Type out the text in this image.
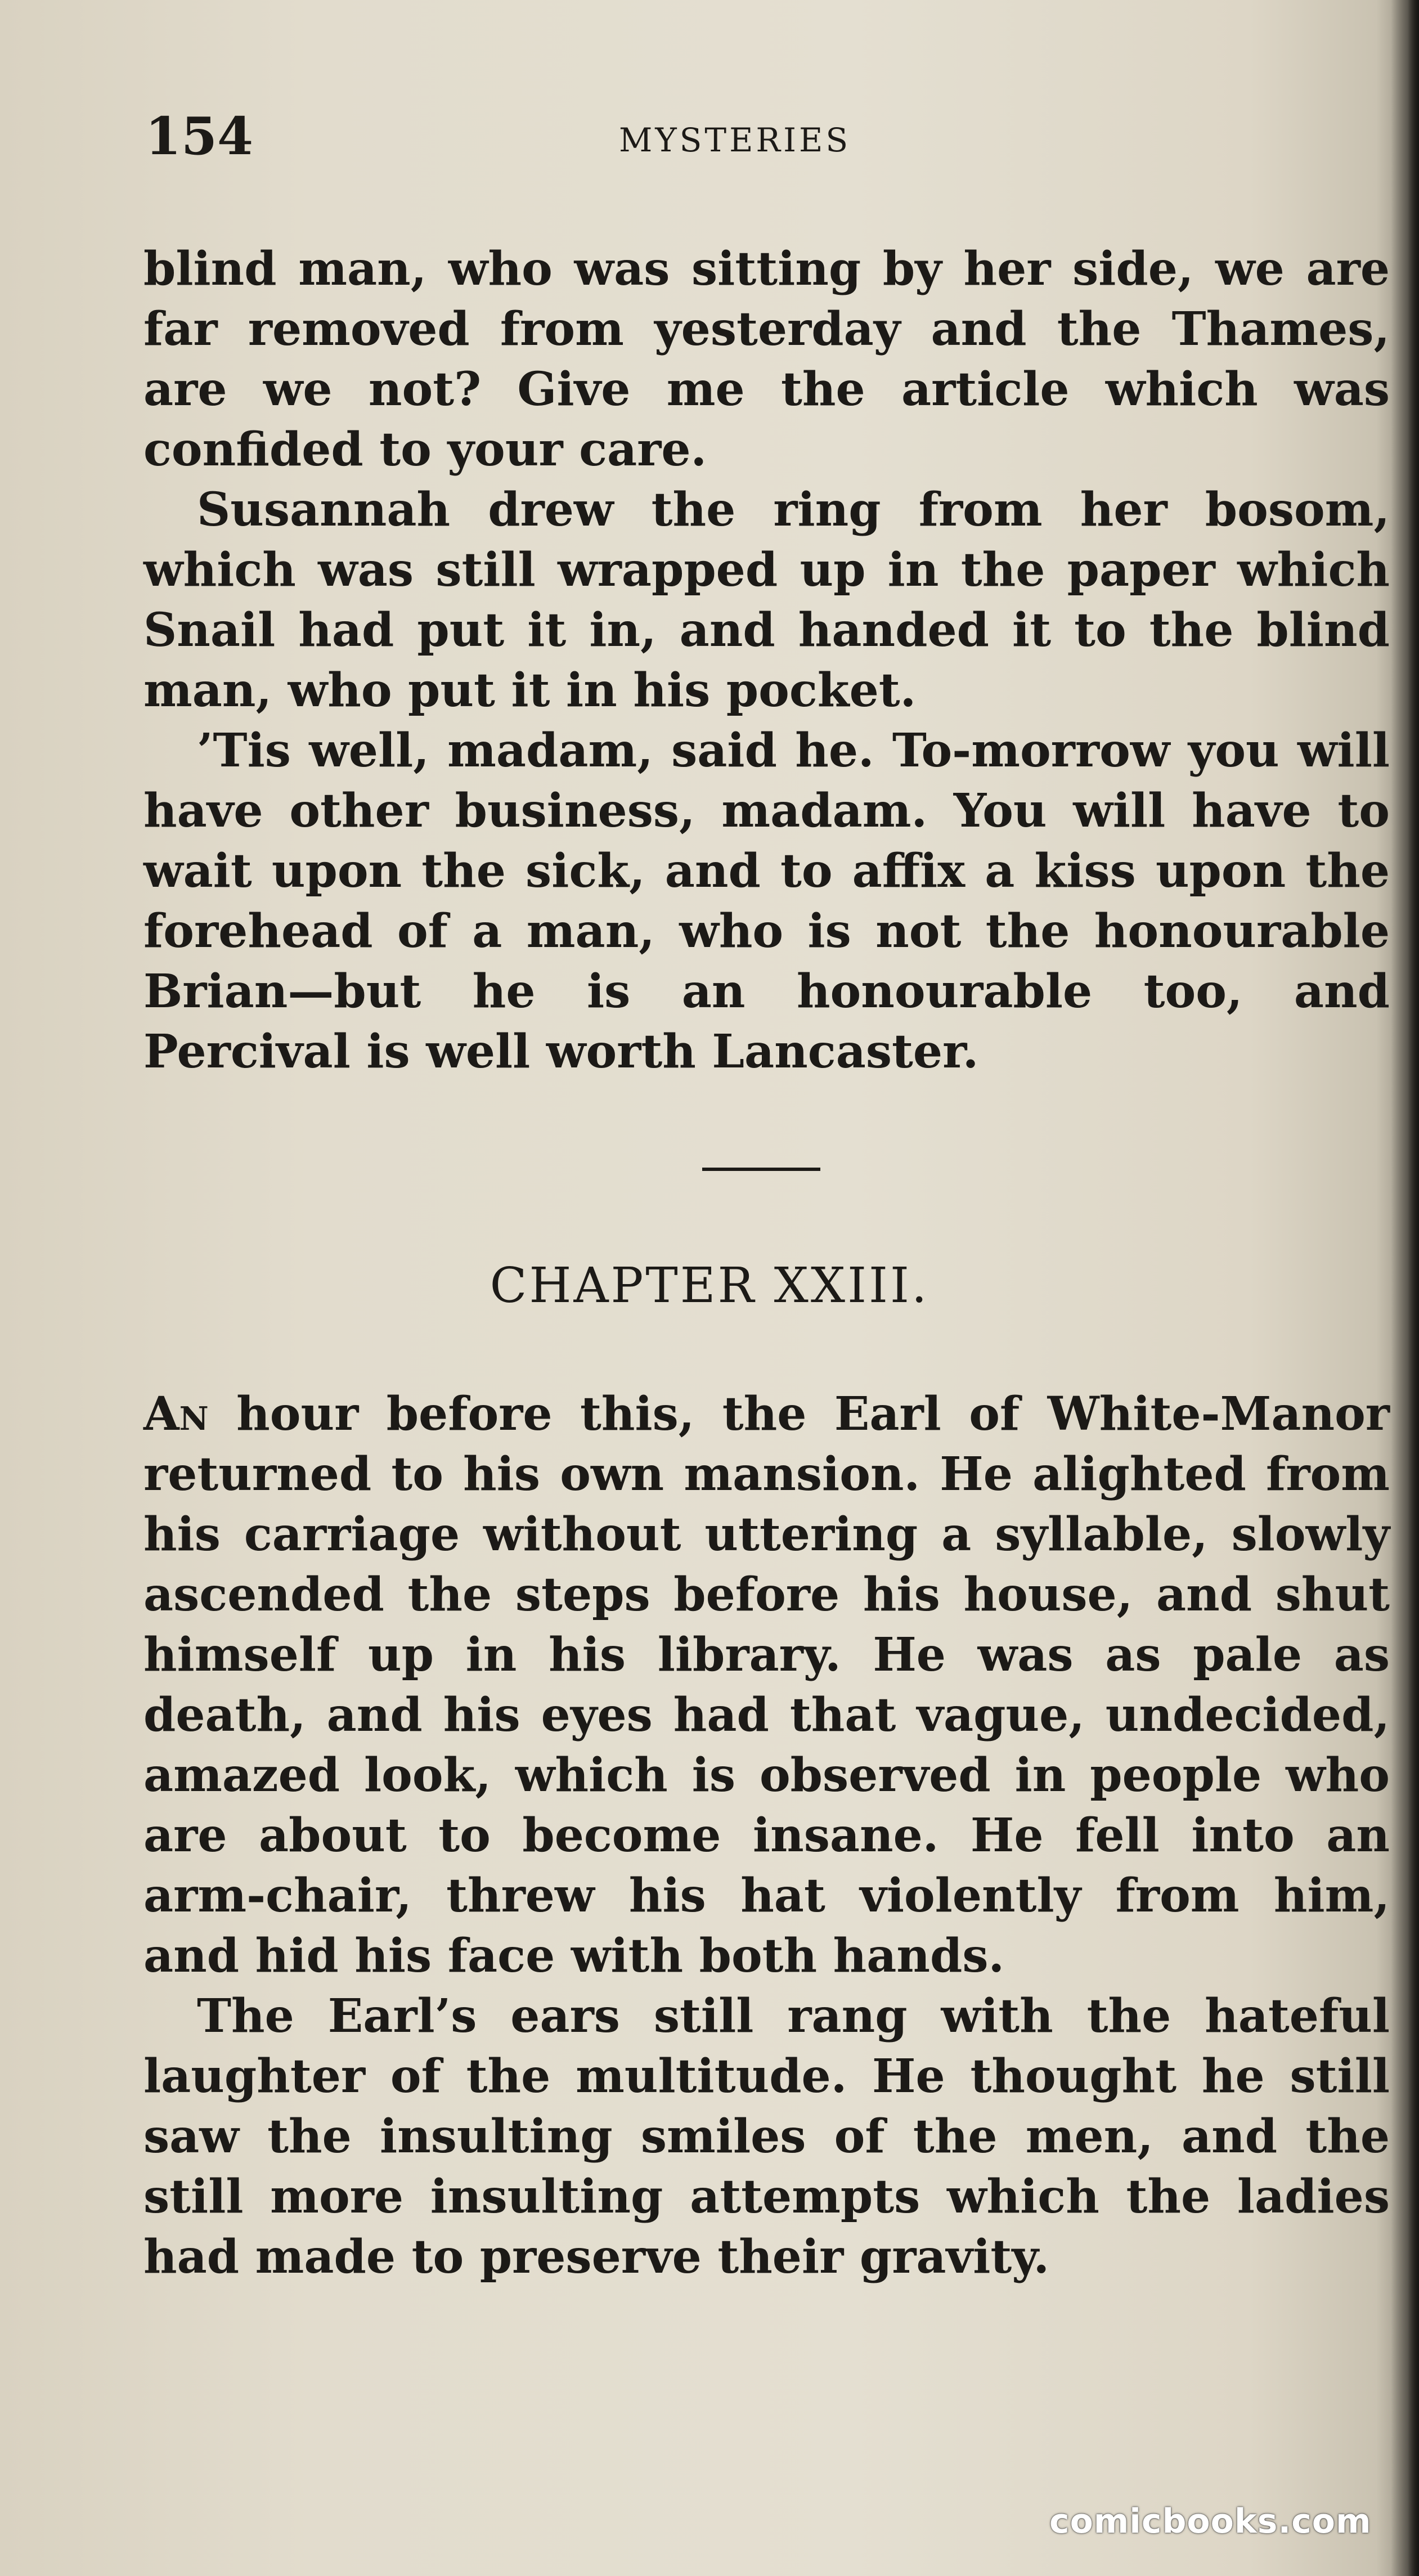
154	MYSTERIES

blind man, who was sitting by her side, we are far removed from yesterday and the Thames, are we not? Give me the article which was confided to your care.

Susannah drew the ring from her bosom, which was still wrapped up in the paper which Snail had put it in, and handed it to the blind man, who put it in his pocket.

’Tis well, madam, said he. To-morrow you will have other business, madam. You will have to wait upon the sick, and to affix a kiss upon the forehead of a man, who is not the honourable Brian—but he is an honourable too, and Percival is well worth Lancaster.

CHAPTER XXIII.

An hour before this, the Earl of White-Manor returned to his own mansion. He alighted from his carriage without uttering a syllable, slowly ascended the steps before his house, and shut himself up in his library. He was as pale as death, and his eyes had that vague, undecided, amazed look, which is observed in people who are about to become insane. He fell into an arm-chair, threw his hat violently from him, and hid his face with both hands.

The Earl’s ears still rang with the hateful laughter of the multitude. He thought he still saw the insulting smiles of the men, and the still more insulting attempts which the ladies had made to preserve their gravity.

comicbooks.com
